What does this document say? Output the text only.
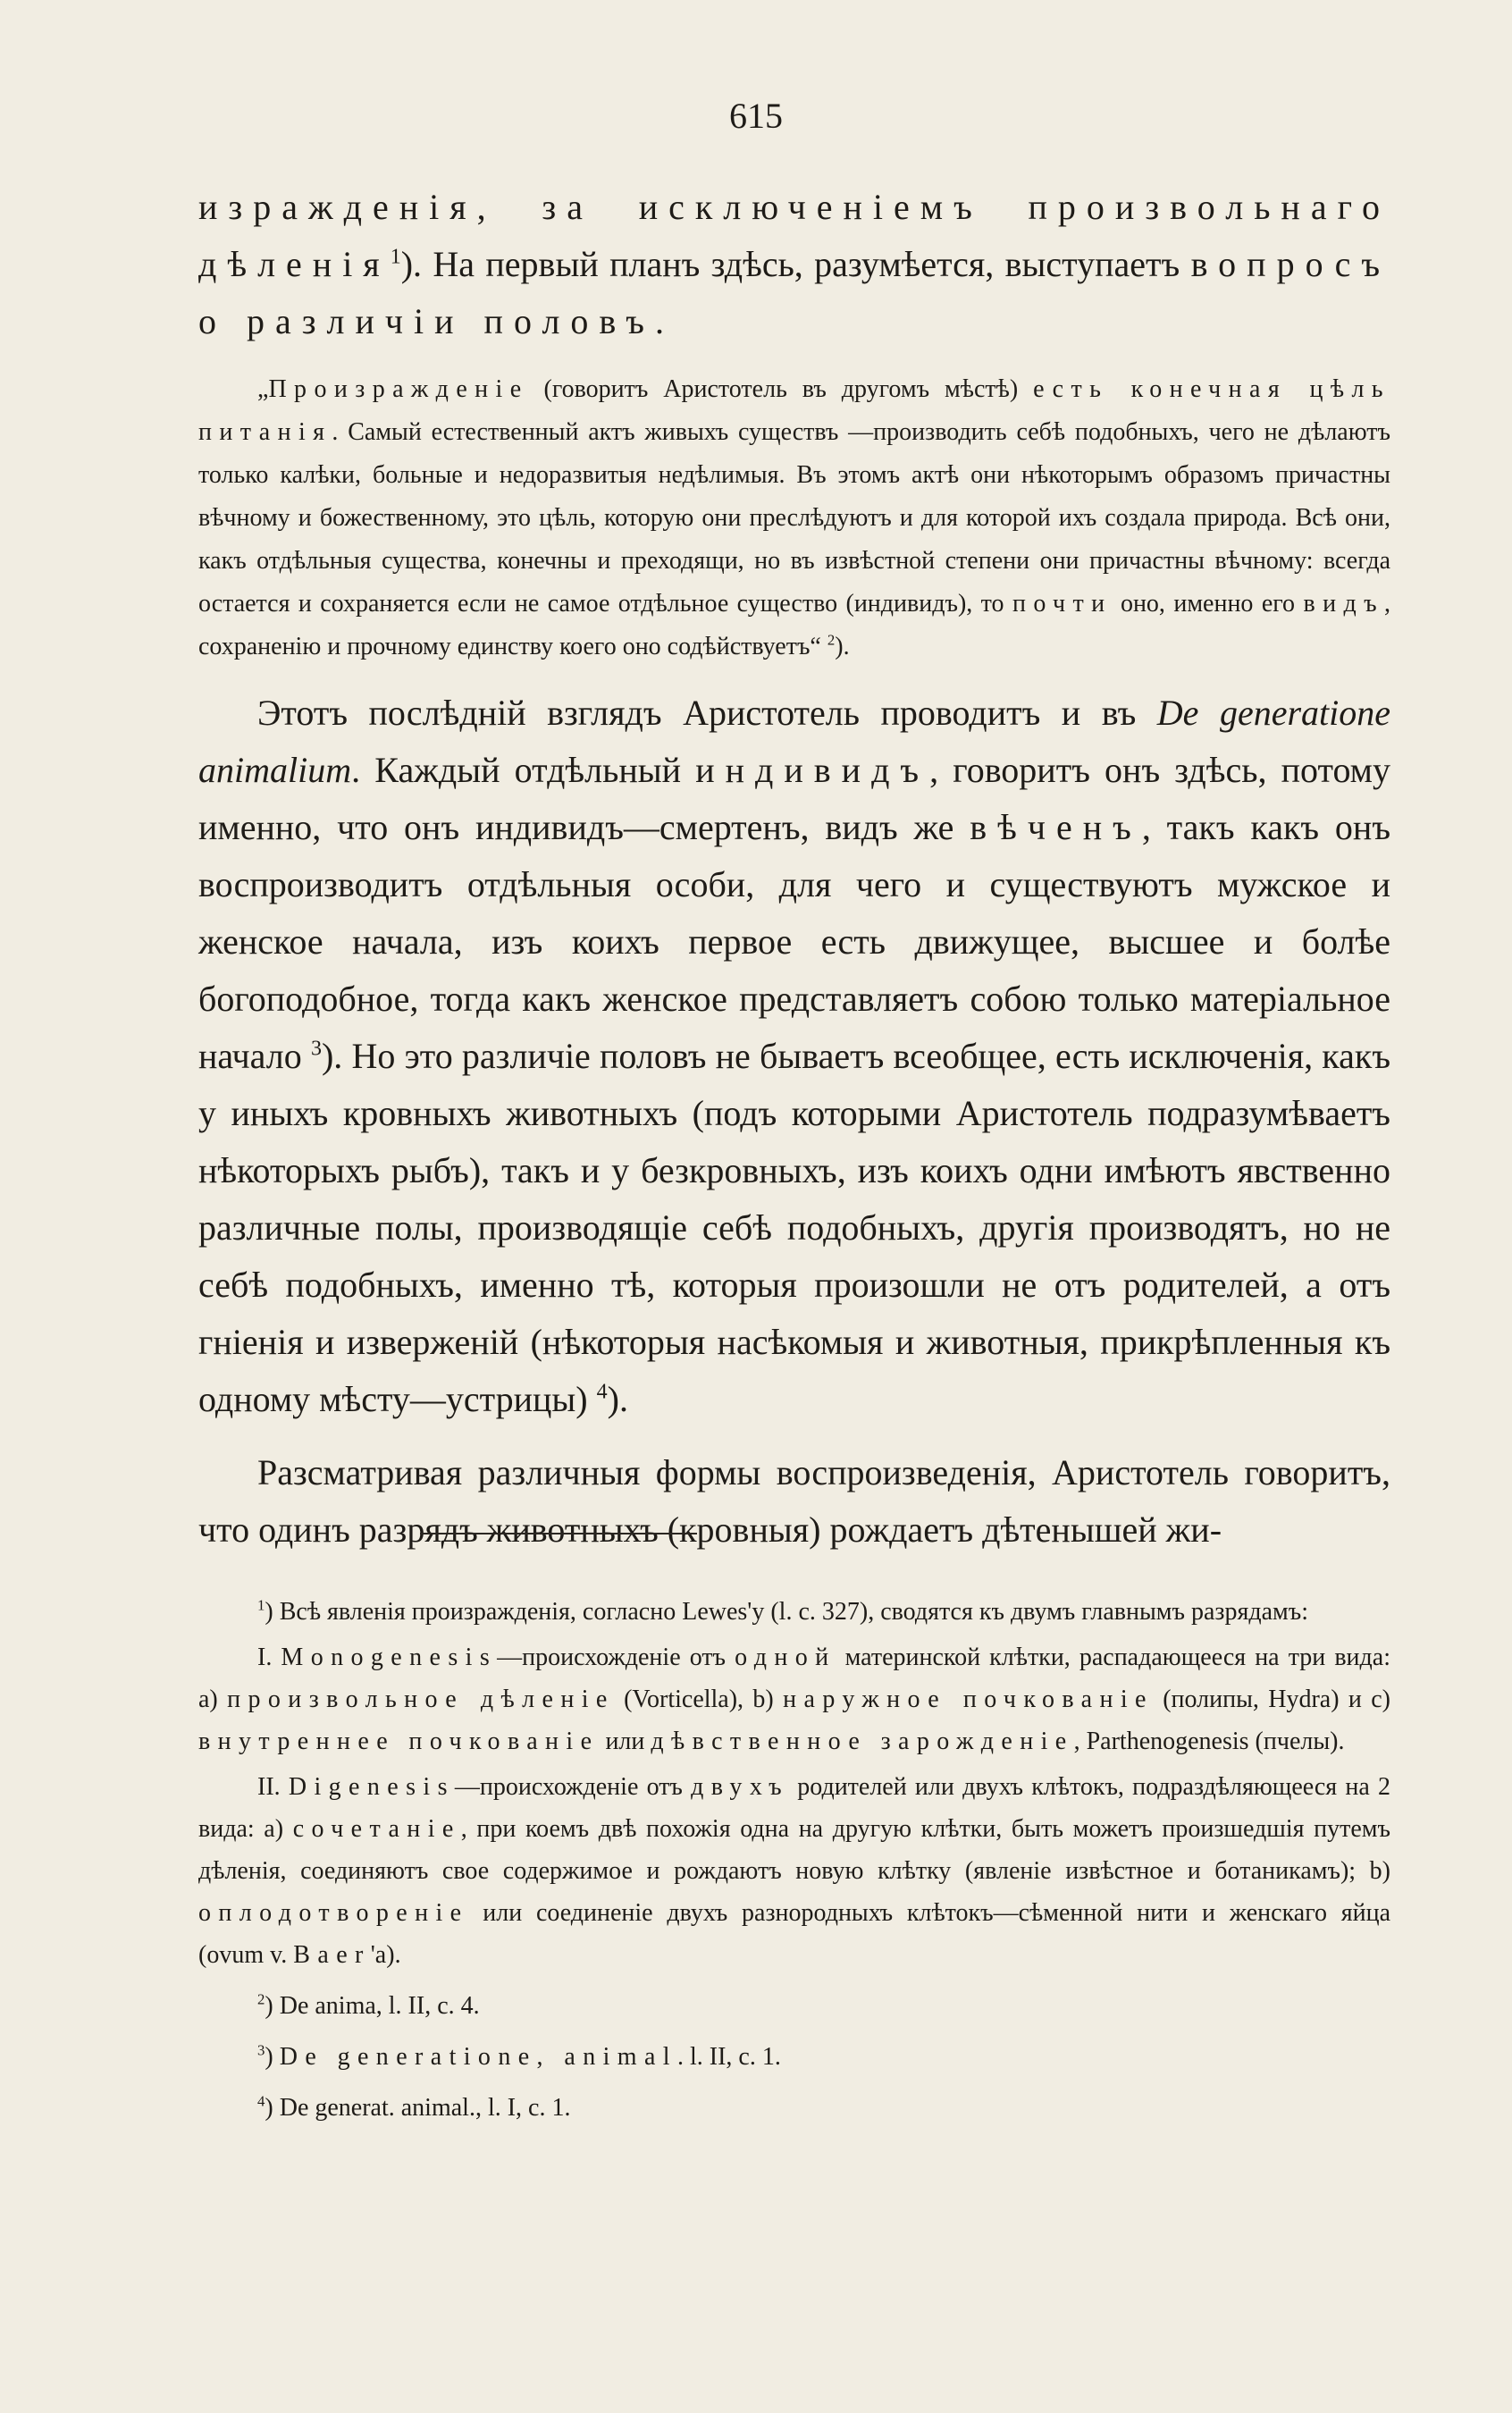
615

изражденія, за исключеніемъ произвольнаго дѣленія$^1$). На первый планъ здѣсь, разумѣется, выступаетъ вопросъ о различіи половъ.

„Произражденіе (говоритъ Аристотель въ другомъ мѣстѣ) есть конечная цѣль питанія. Самый естественный актъ живыхъ существъ —производить себѣ подобныхъ, чего не дѣлаютъ только калѣки, больные и недоразвитыя недѣлимыя. Въ этомъ актѣ они нѣкоторымъ образомъ причастны вѣчному и божественному, это цѣль, которую они преслѣдуютъ и для которой ихъ создала природа. Всѣ они, какъ отдѣльныя существа, конечны и преходящи, но въ извѣстной степени они причастны вѣчному: всегда остается и сохраняется если не самое отдѣльное существо (индивидъ), то почти оно, именно его видъ, сохраненію и прочному единству коего оно содѣйствуетъ“ $^2$).

Этотъ послѣдній взглядъ Аристотель проводитъ и въ De generatione animalium. Каждый отдѣльный индивидъ, говоритъ онъ здѣсь, потому именно, что онъ индивидъ—смертенъ, видъ же вѣченъ, такъ какъ онъ воспроизводитъ отдѣльныя особи, для чего и существуютъ мужское и женское начала, изъ коихъ первое есть движущее, высшее и болѣе богоподобное, тогда какъ женское представляетъ собою только матеріальное начало $^3$). Но это различіе половъ не бываетъ всеобщее, есть исключенія, какъ у иныхъ кровныхъ животныхъ (подъ которыми Аристотель подразумѣваетъ нѣкоторыхъ рыбъ), такъ и у безкровныхъ, изъ коихъ одни имѣютъ явственно различные полы, производящіе себѣ подобныхъ, другія производятъ, но не себѣ подобныхъ, именно тѣ, которыя произошли не отъ родителей, а отъ гніенія и изверженій (нѣкоторыя насѣкомыя и животныя, прикрѣпленныя къ одному мѣсту—устрицы) $^4$).

Разсматривая различныя формы воспроизведенія, Аристотель говоритъ, что одинъ разрядъ животныхъ (кровныя) рождаетъ дѣтенышей жи-

$^1$) Всѣ явленія произражденія, согласно Lewes'у (l. c. 327), сводятся къ двумъ главнымъ разрядамъ:

I. Monogenesis—происхожденіе отъ одной материнской клѣтки, распадающееся на три вида: a) произвольное дѣленіе (Vorticella), b) наружное почкованіе (полипы, Hydra) и c) внутреннее почкованіе или дѣвственное зарожденіе, Parthenogenesis (пчелы).

II. Digenesis—происхожденіе отъ двухъ родителей или двухъ клѣтокъ, подраздѣляющееся на 2 вида: a) сочетаніе, при коемъ двѣ похожія одна на другую клѣтки, быть можетъ произшедшія путемъ дѣленія, соединяютъ свое содержимое и рождаютъ новую клѣтку (явленіе извѣстное и ботаникамъ); b) оплодотвореніе или соединеніе двухъ разнородныхъ клѣтокъ—сѣменной нити и женскаго яйца (ovum v. Baer'a).

$^2$) De anima, l. II, c. 4.

$^3$) De generatione, animal. l. II, c. 1.

$^4$) De generat. animal., l. I, c. 1.
